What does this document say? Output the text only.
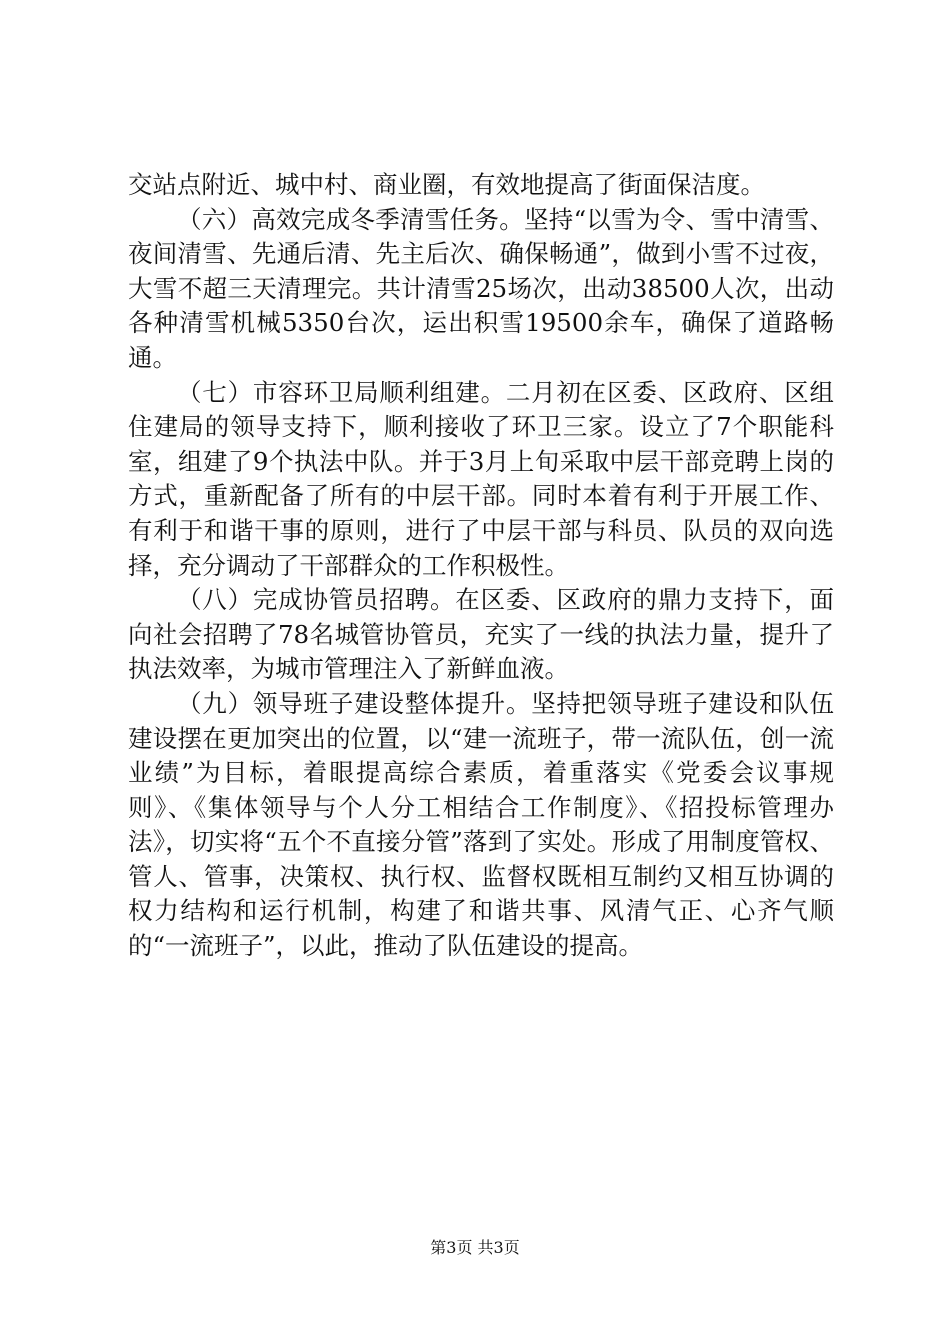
交站点附近、城中村、商业圈，有效地提高了街面保洁度。

（六）高效完成冬季清雪任务。坚持“以雪为令、雪中清雪、夜间清雪、先通后清、先主后次、确保畅通”，做到小雪不过夜，大雪不超三天清理完。共计清雪25场次，出动38500人次，出动各种清雪机械5350台次，运出积雪19500余车，确保了道路畅通。

（七）市容环卫局顺利组建。二月初在区委、区政府、区组住建局的领导支持下，顺利接收了环卫三家。设立了7个职能科室，组建了9个执法中队。并于3月上旬采取中层干部竞聘上岗的方式，重新配备了所有的中层干部。同时本着有利于开展工作、有利于和谐干事的原则，进行了中层干部与科员、队员的双向选择，充分调动了干部群众的工作积极性。

（八）完成协管员招聘。在区委、区政府的鼎力支持下，面向社会招聘了78名城管协管员，充实了一线的执法力量，提升了执法效率，为城市管理注入了新鲜血液。

（九）领导班子建设整体提升。坚持把领导班子建设和队伍建设摆在更加突出的位置，以“建一流班子，带一流队伍，创一流业绩”为目标，着眼提高综合素质，着重落实《党委会议事规则》、《集体领导与个人分工相结合工作制度》、《招投标管理办法》，切实将“五个不直接分管”落到了实处。形成了用制度管权、管人、管事，决策权、执行权、监督权既相互制约又相互协调的权力结构和运行机制，构建了和谐共事、风清气正、心齐气顺的“一流班子”，以此，推动了队伍建设的提高。

第3页 共3页
